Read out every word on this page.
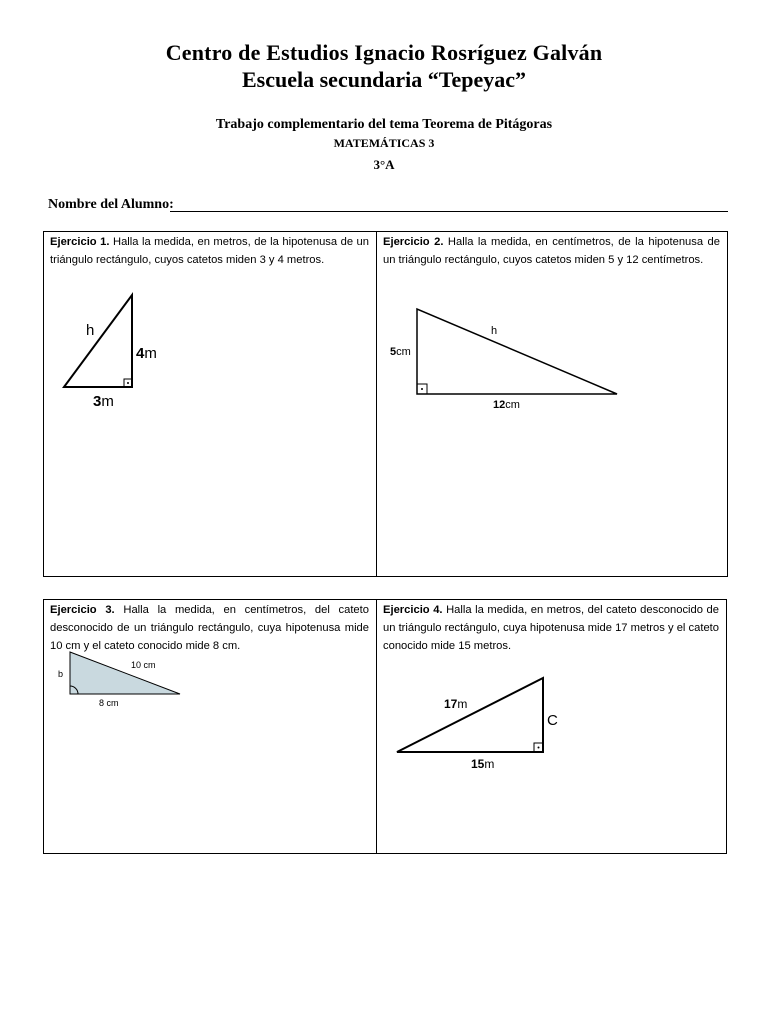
Centro de Estudios Ignacio Rosríguez Galván
Escuela secundaria “Tepeyac”
Trabajo complementario del tema Teorema de Pitágoras
MATEMÁTICAS 3
3°A
Nombre del Alumno:
Ejercicio 1. Halla la medida, en metros, de la hipotenusa de un triángulo rectángulo, cuyos catetos miden 3 y 4 metros.
h
4m
3m
Ejercicio 2. Halla la medida, en centímetros, de la hipotenusa de un triángulo rectángulo, cuyos catetos miden 5 y 12 centímetros.
h
5cm
12cm
Ejercicio 3. Halla la medida, en centímetros, del cateto desconocido de un triángulo rectángulo, cuya hipotenusa mide 10 cm y el cateto conocido mide 8 cm.
b
10 cm
8 cm
Ejercicio 4. Halla la medida, en metros, del cateto desconocido de un triángulo rectángulo, cuya hipotenusa mide 17 metros y el cateto conocido mide 15 metros.
17m
C
15m
